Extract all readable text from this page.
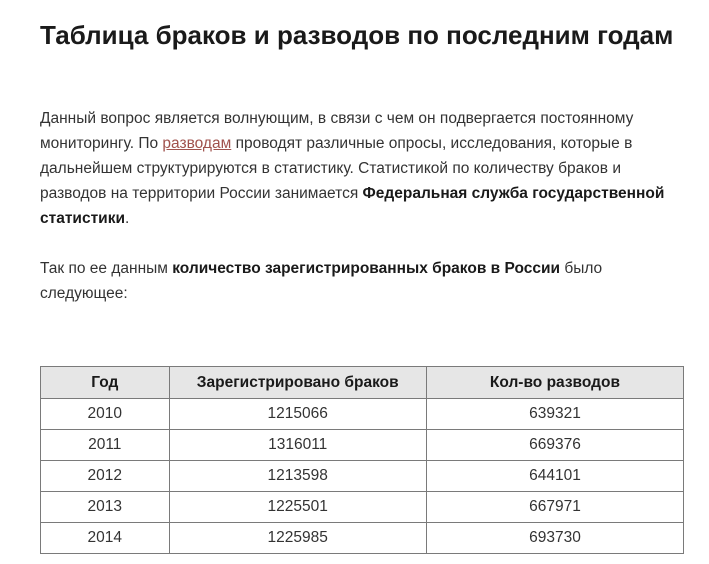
Таблица браков и разводов по последним годам

Данный вопрос является волнующим, в связи с чем он подвергается постоянному мониторингу. По разводам проводят различные опросы, исследования, которые в дальнейшем структурируются в статистику. Статистикой по количеству браков и разводов на территории России занимается Федеральная служба государственной статистики.

Так по ее данным количество зарегистрированных браков в России было следующее:

Год	Зарегистрировано браков	Кол-во разводов
2010	1215066	639321
2011	1316011	669376
2012	1213598	644101
2013	1225501	667971
2014	1225985	693730
